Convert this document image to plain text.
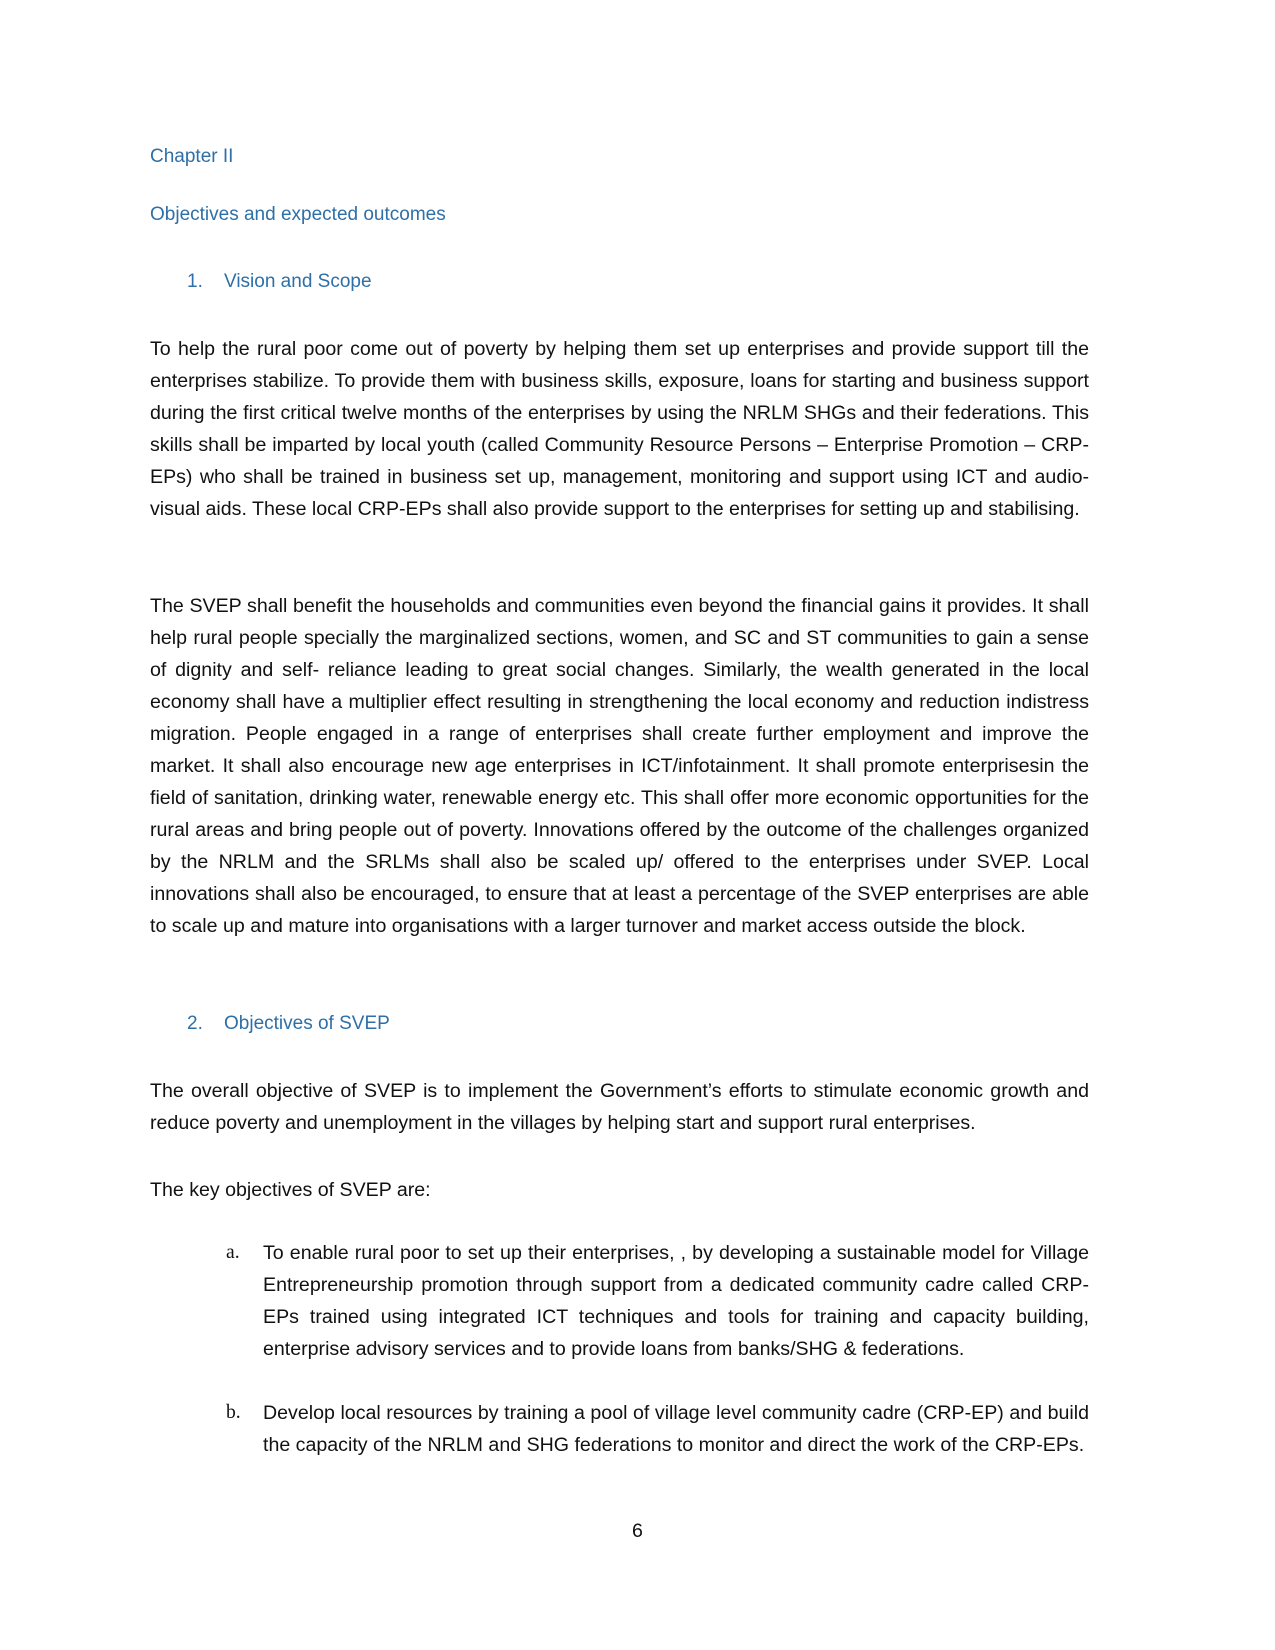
Chapter II
Objectives and expected outcomes
1.	Vision and Scope

To help the rural poor come out of poverty by helping them set up enterprises and provide support till the enterprises stabilize. To provide them with business skills, exposure, loans for starting and business support during the first critical twelve months of the enterprises by using the NRLM SHGs and their federations. This skills shall be imparted by local youth (called Community Resource Persons – Enterprise Promotion – CRP-EPs) who shall be trained in business set up, management, monitoring and support using ICT and audio-visual aids. These local CRP-EPs shall also provide support to the enterprises for setting up and stabilising.

The SVEP shall benefit the households and communities even beyond the financial gains it provides. It shall help rural people specially the marginalized sections, women, and SC and ST communities to gain a sense of dignity and self- reliance leading to great social changes. Similarly, the wealth generated in the local economy shall have a multiplier effect resulting in strengthening the local economy and reduction indistress migration. People engaged in a range of enterprises shall create further employment and improve the market. It shall also encourage new age enterprises in ICT/infotainment. It shall promote enterprisesin the field of sanitation, drinking water, renewable energy etc. This shall offer more economic opportunities for the rural areas and bring people out of poverty. Innovations offered by the outcome of the challenges organized by the NRLM and the SRLMs shall also be scaled up/ offered to the enterprises under SVEP. Local innovations shall also be encouraged, to ensure that at least a percentage of the SVEP enterprises are able to scale up and mature into organisations with a larger turnover and market access outside the block.

2.	Objectives of SVEP

The overall objective of SVEP is to implement the Government’s efforts to stimulate economic growth and reduce poverty and unemployment in the villages by helping start and support rural enterprises.

The key objectives of SVEP are:

a.	To enable rural poor to set up their enterprises, , by developing a sustainable model for Village Entrepreneurship promotion through support from a dedicated community cadre called CRP-EPs trained using integrated ICT techniques and tools for training and capacity building, enterprise advisory services and to provide loans from banks/SHG & federations.
b.	Develop local resources by training a pool of village level community cadre (CRP-EP) and build the capacity of the NRLM and SHG federations to monitor and direct the work of the CRP-EPs.
6
